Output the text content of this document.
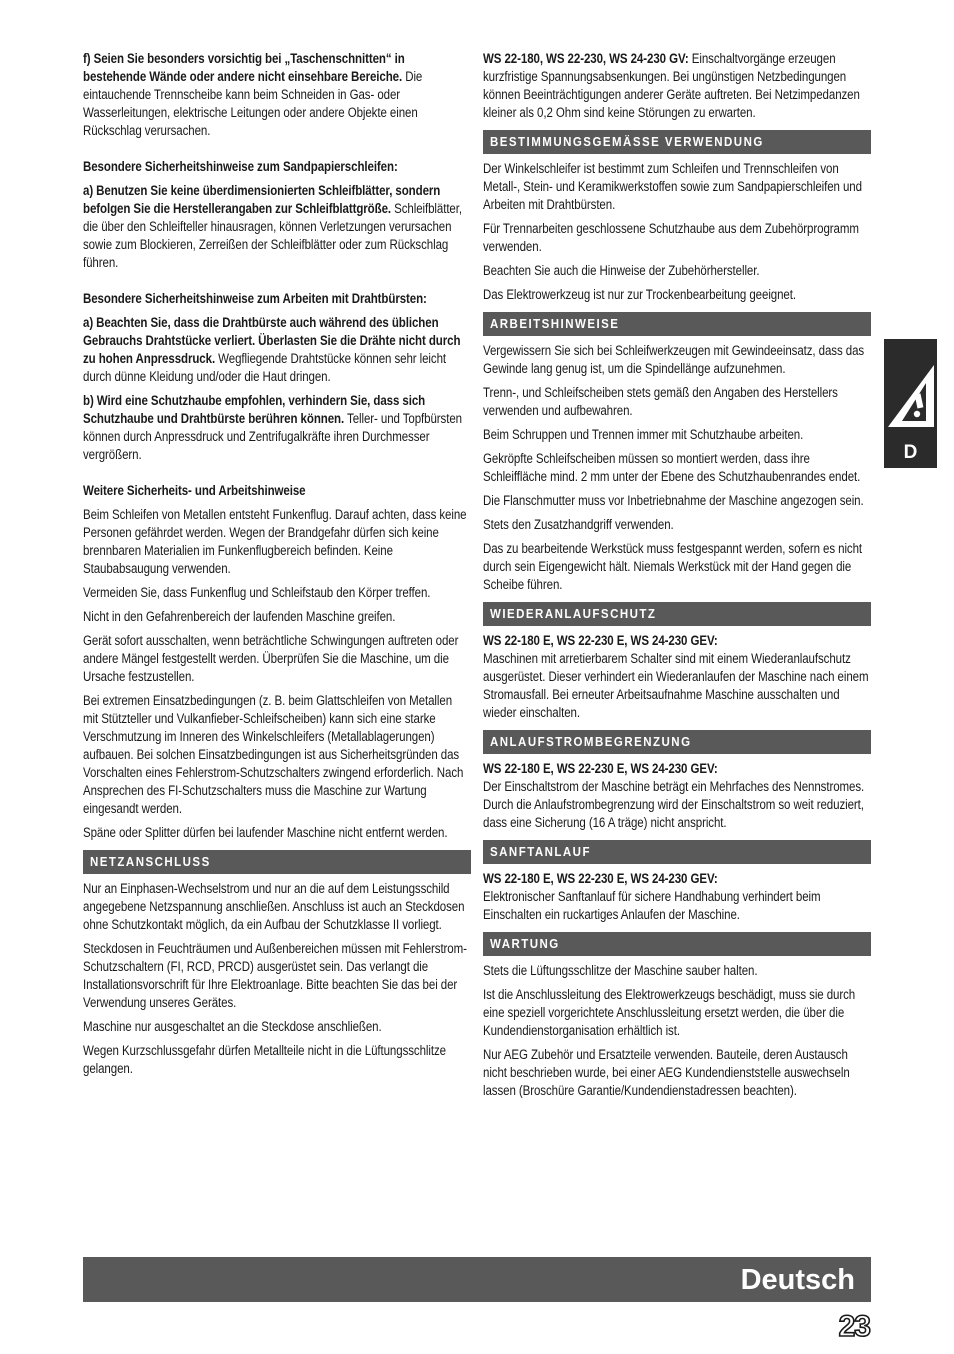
f) Seien Sie besonders vorsichtig bei „Taschenschnitten“ in bestehende Wände oder andere nicht einsehbare Bereiche. Die eintauchende Trennscheibe kann beim Schneiden in Gas- oder Wasserleitungen, elektrische Leitungen oder andere Objekte einen Rückschlag verursachen.

Besondere Sicherheitshinweise zum Sandpapierschleifen:

a) Benutzen Sie keine überdimensionierten Schleifblätter, sondern befolgen Sie die Herstellerangaben zur Schleifblattgröße. Schleifblätter, die über den Schleifteller hinausragen, können Verletzungen verursachen sowie zum Blockieren, Zerreißen der Schleifblätter oder zum Rückschlag führen.

Besondere Sicherheitshinweise zum Arbeiten mit Drahtbürsten:

a) Beachten Sie, dass die Drahtbürste auch während des üblichen Gebrauchs Drahtstücke verliert. Überlasten Sie die Drähte nicht durch zu hohen Anpressdruck. Wegfliegende Drahtstücke können sehr leicht durch dünne Kleidung und/oder die Haut dringen.

b) Wird eine Schutzhaube empfohlen, verhindern Sie, dass sich Schutzhaube und Drahtbürste berühren können. Teller- und Topfbürsten können durch Anpressdruck und Zentrifugalkräfte ihren Durchmesser vergrößern.

Weitere Sicherheits- und Arbeitshinweise

Beim Schleifen von Metallen entsteht Funkenflug. Darauf achten, dass keine Personen gefährdet werden. Wegen der Brandgefahr dürfen sich keine brennbaren Materialien im Funkenflugbereich befinden. Keine Staubabsaugung verwenden.

Vermeiden Sie, dass Funkenflug und Schleifstaub den Körper treffen.

Nicht in den Gefahrenbereich der laufenden Maschine greifen.

Gerät sofort ausschalten, wenn beträchtliche Schwingungen auftreten oder andere Mängel festgestellt werden. Überprüfen Sie die Maschine, um die Ursache festzustellen.

Bei extremen Einsatzbedingungen (z. B. beim Glattschleifen von Metallen mit Stützteller und Vulkanfieber-Schleifscheiben) kann sich eine starke Verschmutzung im Inneren des Winkelschleifers (Metallablagerungen) aufbauen. Bei solchen Einsatzbedingungen ist aus Sicherheitsgründen das Vorschalten eines Fehlerstrom-Schutzschalters zwingend erforderlich. Nach Ansprechen des FI-Schutzschalters muss die Maschine zur Wartung eingesandt werden.

Späne oder Splitter dürfen bei laufender Maschine nicht entfernt werden.

NETZANSCHLUSS

Nur an Einphasen-Wechselstrom und nur an die auf dem Leistungsschild angegebene Netzspannung anschließen. Anschluss ist auch an Steckdosen ohne Schutzkontakt möglich, da ein Aufbau der Schutzklasse II vorliegt.

Steckdosen in Feuchträumen und Außenbereichen müssen mit Fehlerstrom-Schutzschaltern (FI, RCD, PRCD) ausgerüstet sein. Das verlangt die Installationsvorschrift für Ihre Elektroanlage. Bitte beachten Sie das bei der Verwendung unseres Gerätes.

Maschine nur ausgeschaltet an die Steckdose anschließen.

Wegen Kurzschlussgefahr dürfen Metallteile nicht in die Lüftungsschlitze gelangen.

WS 22-180, WS 22-230, WS 24-230 GV: Einschaltvorgänge erzeugen kurzfristige Spannungsabsenkungen. Bei ungünstigen Netzbedingungen können Beeinträchtigungen anderer Geräte auftreten. Bei Netzimpedanzen kleiner als 0,2 Ohm sind keine Störungen zu erwarten.

BESTIMMUNGSGEMÄSSE VERWENDUNG

Der Winkelschleifer ist bestimmt zum Schleifen und Trennschleifen von Metall-, Stein- und Keramikwerkstoffen sowie zum Sandpapierschleifen und Arbeiten mit Drahtbürsten.

Für Trennarbeiten geschlossene Schutzhaube aus dem Zubehörprogramm verwenden.

Beachten Sie auch die Hinweise der Zubehörhersteller.

Das Elektrowerkzeug ist nur zur Trockenbearbeitung geeignet.

ARBEITSHINWEISE

Vergewissern Sie sich bei Schleifwerkzeugen mit Gewindeeinsatz, dass das Gewinde lang genug ist, um die Spindellänge aufzunehmen.

Trenn-, und Schleifscheiben stets gemäß den Angaben des Herstellers verwenden und aufbewahren.

Beim Schruppen und Trennen immer mit Schutzhaube arbeiten.

Gekröpfte Schleifscheiben müssen so montiert werden, dass ihre Schleiffläche mind. 2 mm unter der Ebene des Schutzhaubenrandes endet.

Die Flanschmutter muss vor Inbetriebnahme der Maschine angezogen sein.

Stets den Zusatzhandgriff verwenden.

Das zu bearbeitende Werkstück muss festgespannt werden, sofern es nicht durch sein Eigengewicht hält. Niemals Werkstück mit der Hand gegen die Scheibe führen.

WIEDERANLAUFSCHUTZ

WS 22-180 E, WS 22-230 E, WS 24-230 GEV:
Maschinen mit arretierbarem Schalter sind mit einem Wiederanlaufschutz ausgerüstet. Dieser verhindert ein Wiederanlaufen der Maschine nach einem Stromausfall. Bei erneuter Arbeitsaufnahme Maschine ausschalten und wieder einschalten.

ANLAUFSTROMBEGRENZUNG

WS 22-180 E, WS 22-230 E, WS 24-230 GEV:
Der Einschaltstrom der Maschine beträgt ein Mehrfaches des Nennstromes. Durch die Anlaufstrombegrenzung wird der Einschaltstrom so weit reduziert, dass eine Sicherung (16 A träge) nicht anspricht.

SANFTANLAUF

WS 22-180 E, WS 22-230 E, WS 24-230 GEV:
Elektronischer Sanftanlauf für sichere Handhabung verhindert beim Einschalten ein ruckartiges Anlaufen der Maschine.

WARTUNG

Stets die Lüftungsschlitze der Maschine sauber halten.

Ist die Anschlussleitung des Elektrowerkzeugs beschädigt, muss sie durch eine speziell vorgerichtete Anschlussleitung ersetzt werden, die über die Kundendienstorganisation erhältlich ist.

Nur AEG Zubehör und Ersatzteile verwenden. Bauteile, deren Austausch nicht beschrieben wurde, bei einer AEG Kundendienststelle auswechseln lassen (Broschüre Garantie/Kundendienstadressen beachten).

D
Deutsch
23
